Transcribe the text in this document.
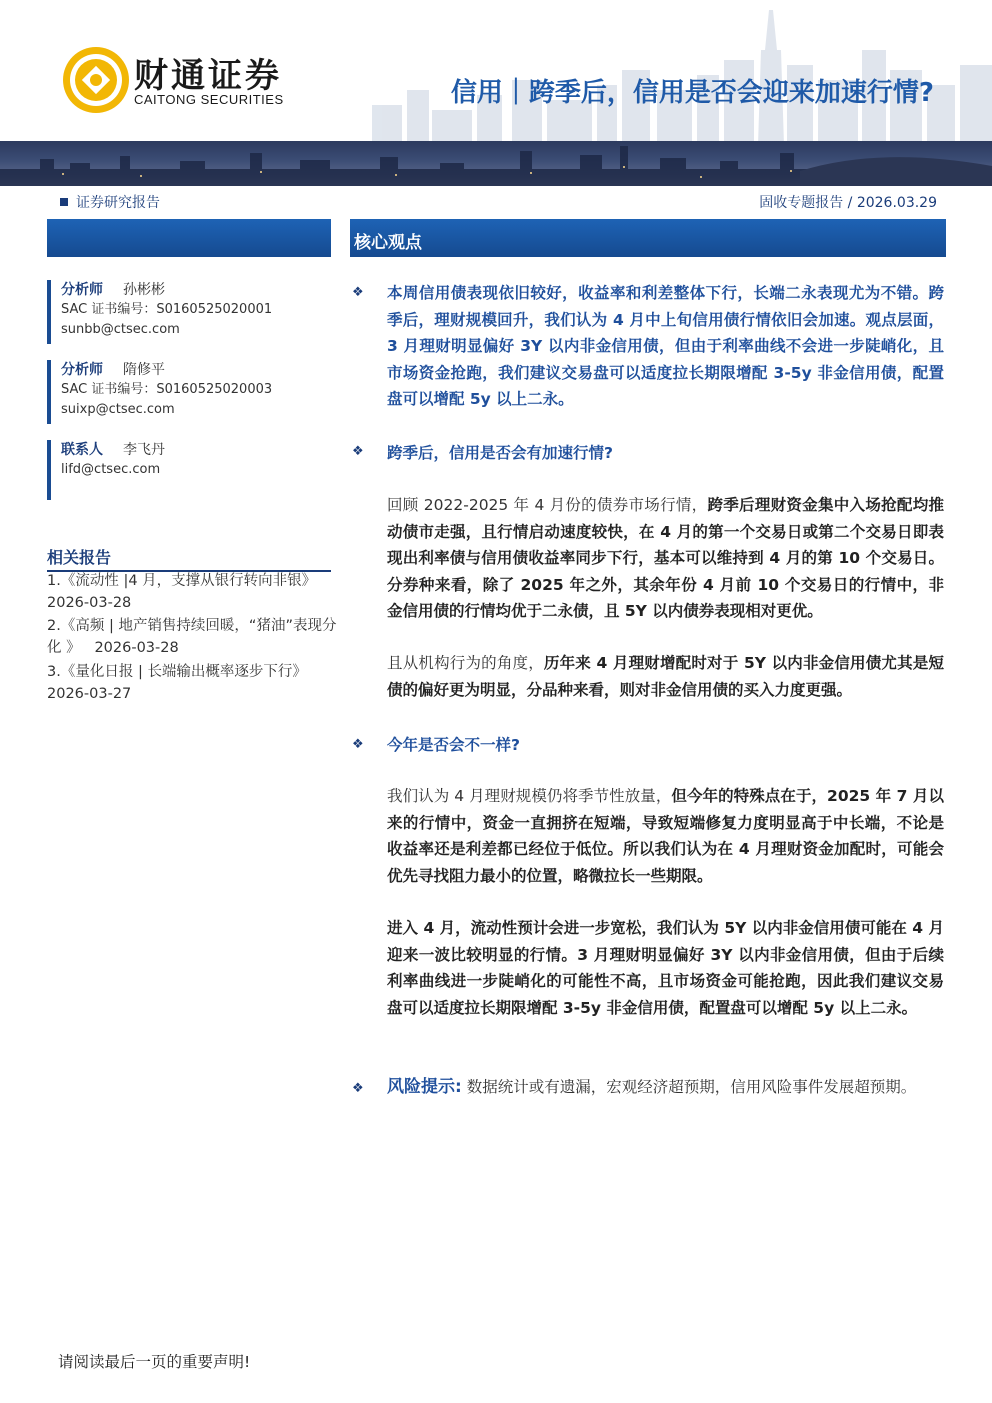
财通证券
CAITONG SECURITIES	信用｜跨季后，信用是否会迎来加速行情?
证券研究报告	固收专题报告 / 2026.03.29
分析师 孙彬彬
SAC 证书编号：S0160525020001
sunbb@ctsec.com
分析师 隋修平
SAC 证书编号：S0160525020003
suixp@ctsec.com
联系人 李飞丹
lifd@ctsec.com
相关报告
1.《流动性 |4 月，支撑从银行转向非银》
2026-03-28
2.《高频 | 地产销售持续回暖，“猪油”表现分化 》 2026-03-28
3.《量化日报 | 长端输出概率逐步下行》
2026-03-27
核心观点
❖ 本周信用债表现依旧较好，收益率和利差整体下行，长端二永表现尤为不错。跨季后，理财规模回升，我们认为 4 月中上旬信用债行情依旧会加速。观点层面，3 月理财明显偏好 3Y 以内非金信用债，但由于利率曲线不会进一步陡峭化，且市场资金抢跑，我们建议交易盘可以适度拉长期限增配 3-5y 非金信用债，配置盘可以增配 5y 以上二永。
❖ 跨季后，信用是否会有加速行情?
回顾 2022-2025 年 4 月份的债券市场行情，跨季后理财资金集中入场抢配均推动债市走强，且行情启动速度较快，在 4 月的第一个交易日或第二个交易日即表现出利率债与信用债收益率同步下行，基本可以维持到 4 月的第 10 个交易日。分券种来看，除了 2025 年之外，其余年份 4 月前 10 个交易日的行情中，非金信用债的行情均优于二永债，且 5Y 以内债券表现相对更优。
且从机构行为的角度，历年来 4 月理财增配时对于 5Y 以内非金信用债尤其是短债的偏好更为明显，分品种来看，则对非金信用债的买入力度更强。
❖ 今年是否会不一样?
我们认为 4 月理财规模仍将季节性放量，但今年的特殊点在于，2025 年 7 月以来的行情中，资金一直拥挤在短端，导致短端修复力度明显高于中长端，不论是收益率还是利差都已经位于低位。所以我们认为在 4 月理财资金加配时，可能会优先寻找阻力最小的位置，略微拉长一些期限。
进入 4 月，流动性预计会进一步宽松，我们认为 5Y 以内非金信用债可能在 4 月迎来一波比较明显的行情。3 月理财明显偏好 3Y 以内非金信用债，但由于后续利率曲线进一步陡峭化的可能性不高，且市场资金可能抢跑，因此我们建议交易盘可以适度拉长期限增配 3-5y 非金信用债，配置盘可以增配 5y 以上二永。
❖ 风险提示: 数据统计或有遗漏，宏观经济超预期，信用风险事件发展超预期。
请阅读最后一页的重要声明!
